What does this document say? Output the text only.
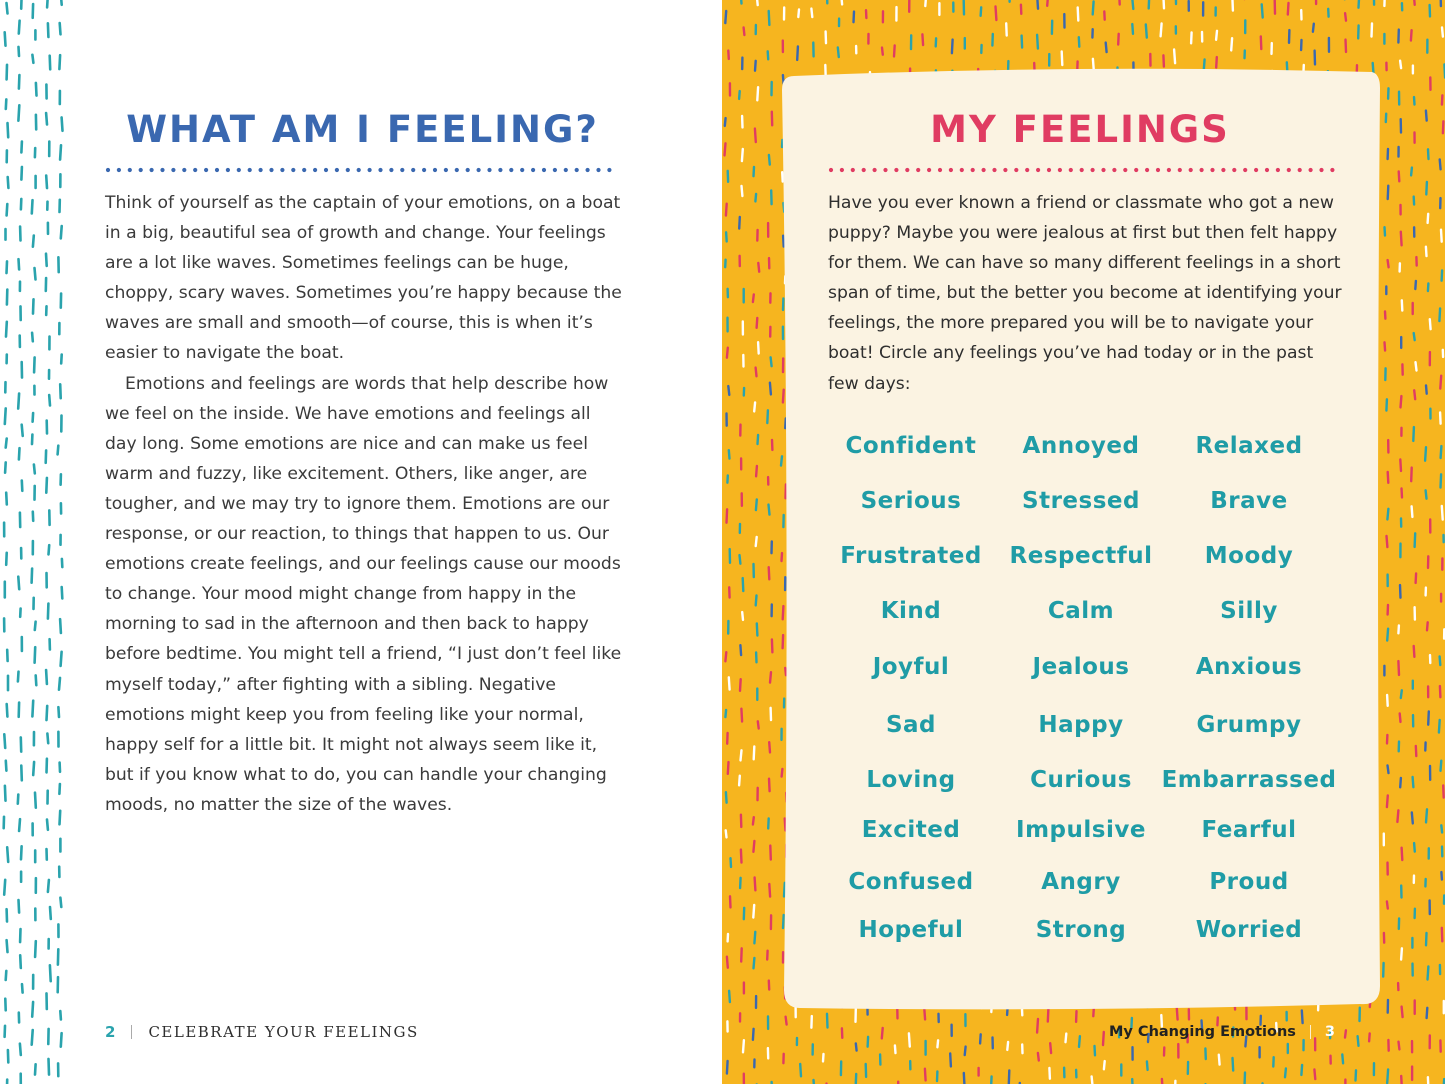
WHAT AM I FEELING?

Think of yourself as the captain of your emotions, on a boat in a big, beautiful sea of growth and change. Your feelings are a lot like waves. Sometimes feelings can be huge, choppy, scary waves. Sometimes you’re happy because the waves are small and smooth—of course, this is when it’s easier to navigate the boat.

Emotions and feelings are words that help describe how we feel on the inside. We have emotions and feelings all day long. Some emotions are nice and can make us feel warm and fuzzy, like excitement. Others, like anger, are tougher, and we may try to ignore them. Emotions are our response, or our reaction, to things that happen to us. Our emotions create feelings, and our feelings cause our moods to change. Your mood might change from happy in the morning to sad in the afternoon and then back to happy before bedtime. You might tell a friend, “I just don’t feel like myself today,” after fighting with a sibling. Negative emotions might keep you from feeling like your normal, happy self for a little bit. It might not always seem like it, but if you know what to do, you can handle your changing moods, no matter the size of the waves.

2 CELEBRATE YOUR FEELINGS
MY FEELINGS

Have you ever known a friend or classmate who got a new puppy? Maybe you were jealous at first but then felt happy for them. We can have so many different feelings in a short span of time, but the better you become at identifying your feelings, the more prepared you will be to navigate your boat! Circle any feelings you’ve had today or in the past few days:

Confident	Annoyed	Relaxed
Serious	Stressed	Brave
Frustrated	Respectful	Moody
Kind	Calm	Silly
Joyful	Jealous	Anxious
Sad	Happy	Grumpy
Loving	Curious	Embarrassed
Excited	Impulsive	Fearful
Confused	Angry	Proud
Hopeful	Strong	Worried
My Changing Emotions 3
